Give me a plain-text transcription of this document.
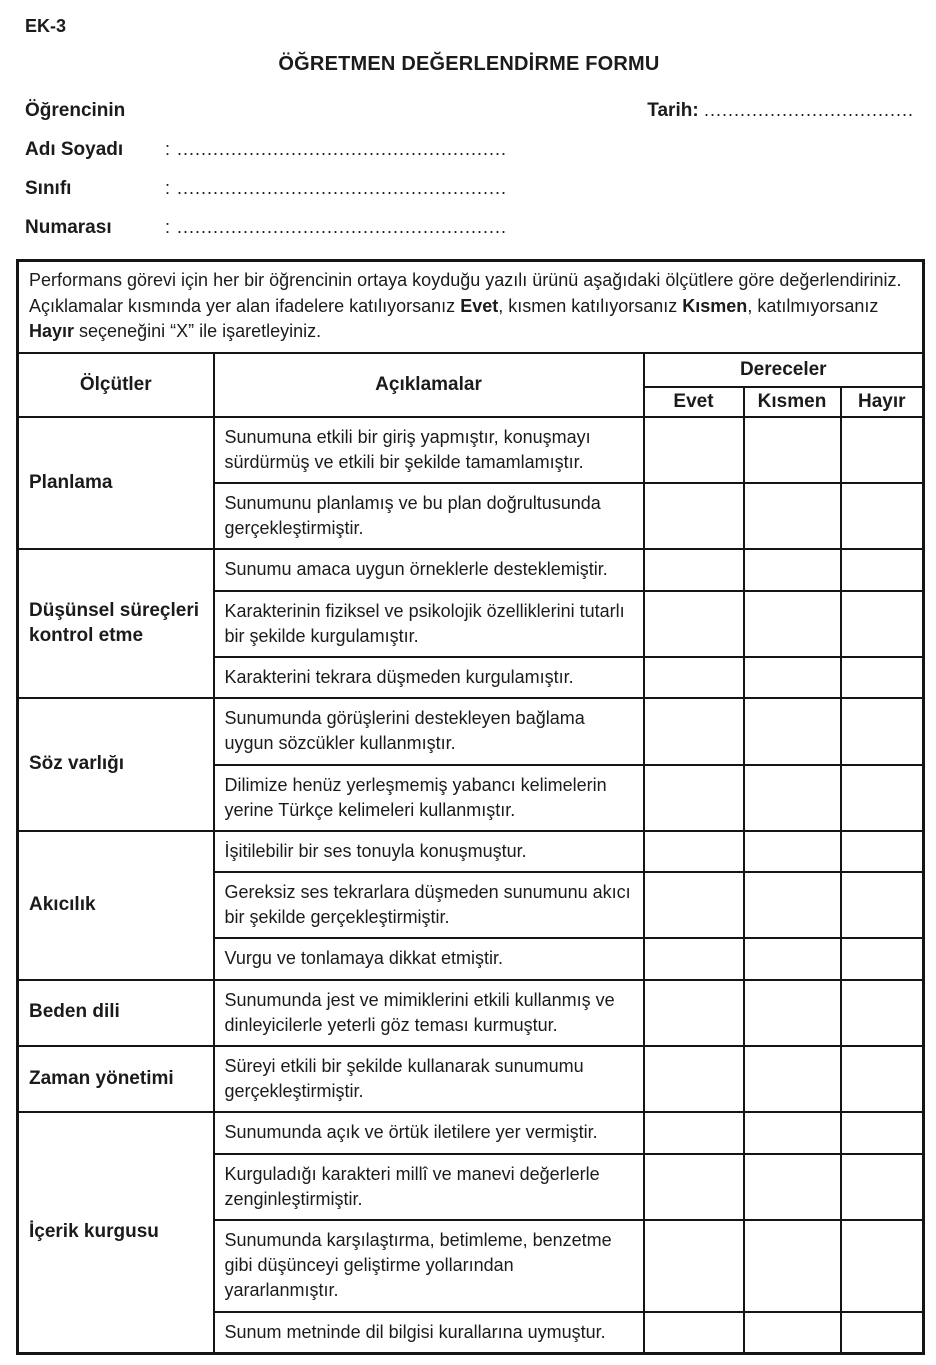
EK-3
ÖĞRETMEN DEĞERLENDİRME FORMU
Öğrencinin	Tarih: ...................................
Adı Soyadı	: .......................................................
Sınıfı	: .......................................................
Numarası	: .......................................................
Performans görevi için her bir öğrencinin ortaya koyduğu yazılı ürünü aşağıdaki ölçütlere göre değerlendiriniz. Açıklamalar kısmında yer alan ifadelere katılıyorsanız Evet, kısmen katılıyorsanız Kısmen, katılmıyorsanız Hayır seçeneğini “X” ile işaretleyiniz.				
Ölçütler	Açıklamalar	Dereceler		
		Evet	Kısmen	Hayır
Planlama	Sunumuna etkili bir giriş yapmıştır, konuşmayı sürdürmüş ve etkili bir şekilde tamamlamıştır.			
	Sunumunu planlamış ve bu plan doğrultusunda gerçekleştirmiştir.			
Düşünsel süreçleri kontrol etme	Sunumu amaca uygun örneklerle desteklemiştir.			
	Karakterinin fiziksel ve psikolojik özelliklerini tutarlı bir şekilde kurgulamıştır.			
	Karakterini tekrara düşmeden kurgulamıştır.			
Söz varlığı	Sunumunda görüşlerini destekleyen bağlama uygun sözcükler kullanmıştır.			
	Dilimize henüz yerleşmemiş yabancı kelimelerin yerine Türkçe kelimeleri kullanmıştır.			
Akıcılık	İşitilebilir bir ses tonuyla konuşmuştur.			
	Gereksiz ses tekrarlara düşmeden sunumunu akıcı bir şekilde gerçekleştirmiştir.			
	Vurgu ve tonlamaya dikkat etmiştir.			
Beden dili	Sunumunda jest ve mimiklerini etkili kullanmış ve dinleyicilerle yeterli göz teması kurmuştur.			
Zaman yönetimi	Süreyi etkili bir şekilde kullanarak sunumumu gerçekleştirmiştir.			
İçerik kurgusu	Sunumunda açık ve örtük iletilere yer vermiştir.			
	Kurguladığı karakteri millî ve manevi değerlerle zenginleştirmiştir.			
	Sunumunda karşılaştırma, betimleme, benzetme gibi düşünceyi geliştirme yollarından yararlanmıştır.			
	Sunum metninde dil bilgisi kurallarına uymuştur.			
